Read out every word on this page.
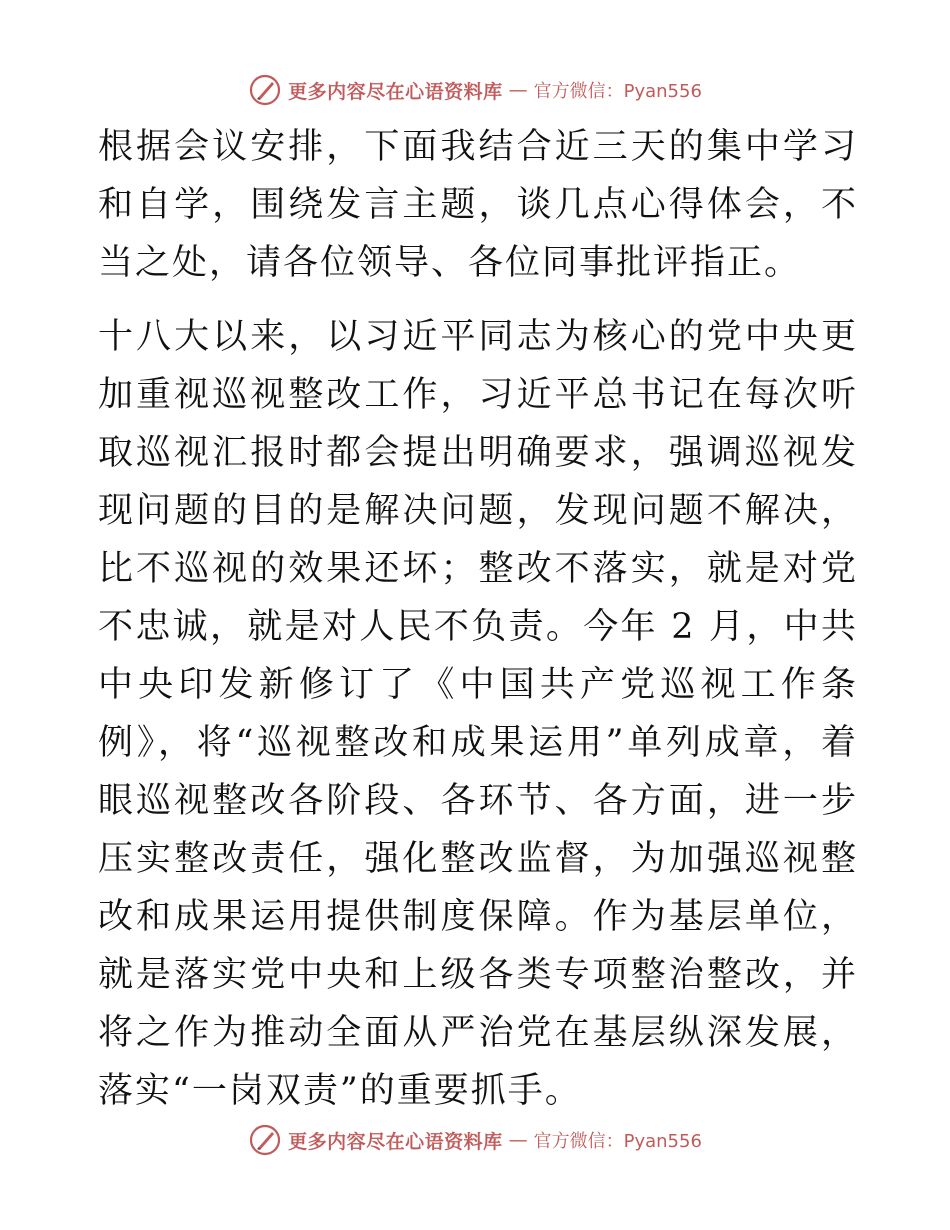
更多内容尽在心语资料库 — 官方微信：Pyan556

根据会议安排，下面我结合近三天的集中学习和自学，围绕发言主题，谈几点心得体会，不当之处，请各位领导、各位同事批评指正。

十八大以来，以习近平同志为核心的党中央更加重视巡视整改工作，习近平总书记在每次听取巡视汇报时都会提出明确要求，强调巡视发现问题的目的是解决问题，发现问题不解决，比不巡视的效果还坏；整改不落实，就是对党不忠诚，就是对人民不负责。今年 2 月，中共中央印发新修订了《中国共产党巡视工作条例》，将“巡视整改和成果运用”单列成章，着眼巡视整改各阶段、各环节、各方面，进一步压实整改责任，强化整改监督，为加强巡视整改和成果运用提供制度保障。作为基层单位，就是落实党中央和上级各类专项整治整改，并将之作为推动全面从严治党在基层纵深发展，落实“一岗双责”的重要抓手。

更多内容尽在心语资料库 — 官方微信：Pyan556
